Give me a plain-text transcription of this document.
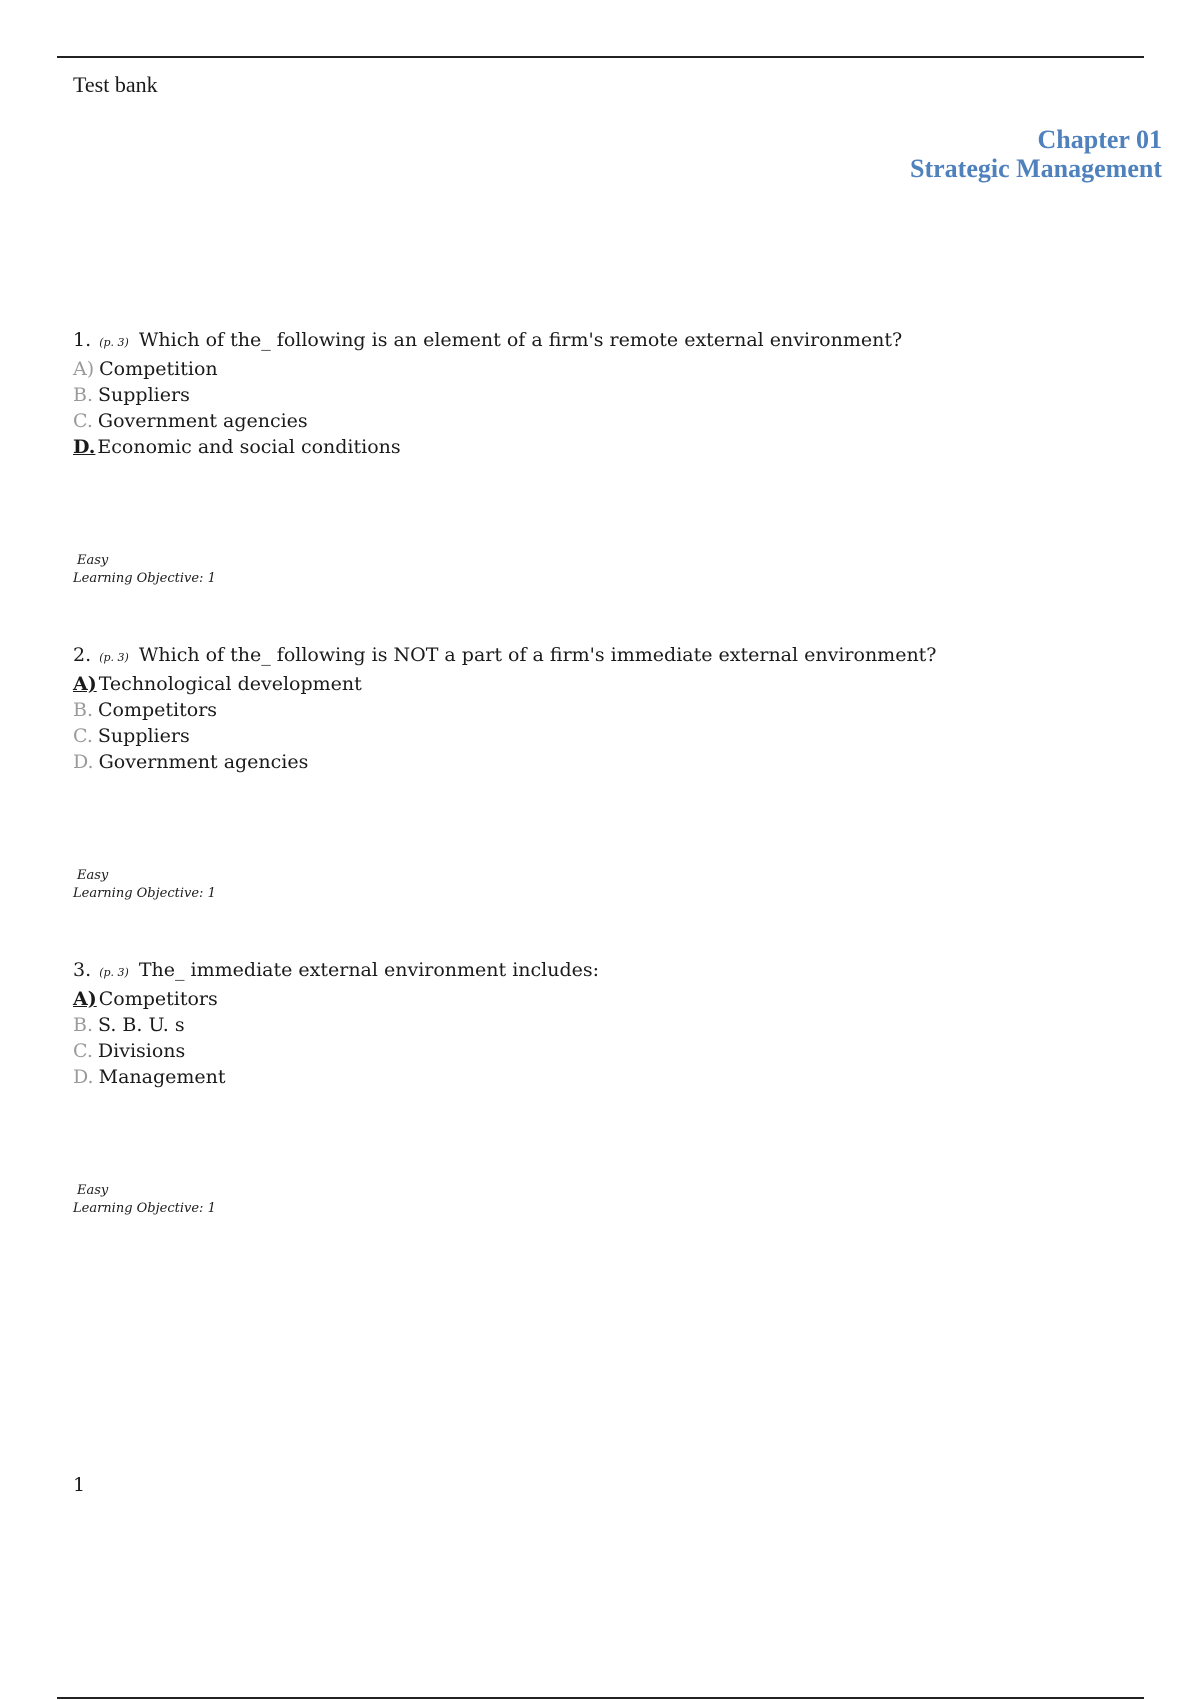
Test bank
Chapter 01
Strategic Management
1. (p. 3) Which of the_ following is an element of a firm's remote external environment?
A) Competition
B. Suppliers
C. Government agencies
D. Economic and social conditions
Easy
Learning Objective: 1
2. (p. 3) Which of the_ following is NOT a part of a firm's immediate external environment?
A) Technological development
B. Competitors
C. Suppliers
D. Government agencies
Easy
Learning Objective: 1
3. (p. 3) The_ immediate external environment includes:
A) Competitors
B. S. B. U. s
C. Divisions
D. Management
Easy
Learning Objective: 1
1
